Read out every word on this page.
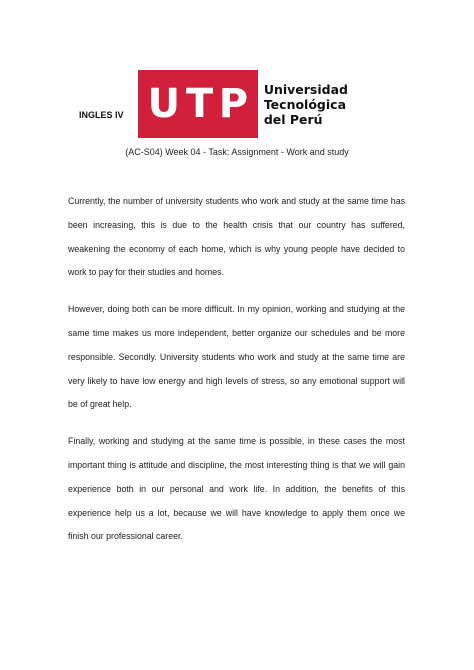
INGLES IV U T P Universidad
Tecnológica
del Perú
(AC-S04) Week 04 - Task: Assignment - Work and study

Currently, the number of university students who work and study at the same time has been increasing, this is due to the health crisis that our country has suffered, weakening the economy of each home, which is why young people have decided to work to pay for their studies and homes.

However, doing both can be more difficult. In my opinion, working and studying at the same time makes us more independent, better organize our schedules and be more responsible. Secondly. University students who work and study at the same time are very likely to have low energy and high levels of stress, so any emotional support will be of great help.

Finally, working and studying at the same time is possible, in these cases the most important thing is attitude and discipline, the most interesting thing is that we will gain experience both in our personal and work life. In addition, the benefits of this experience help us a lot, because we will have knowledge to apply them once we finish our professional career.
